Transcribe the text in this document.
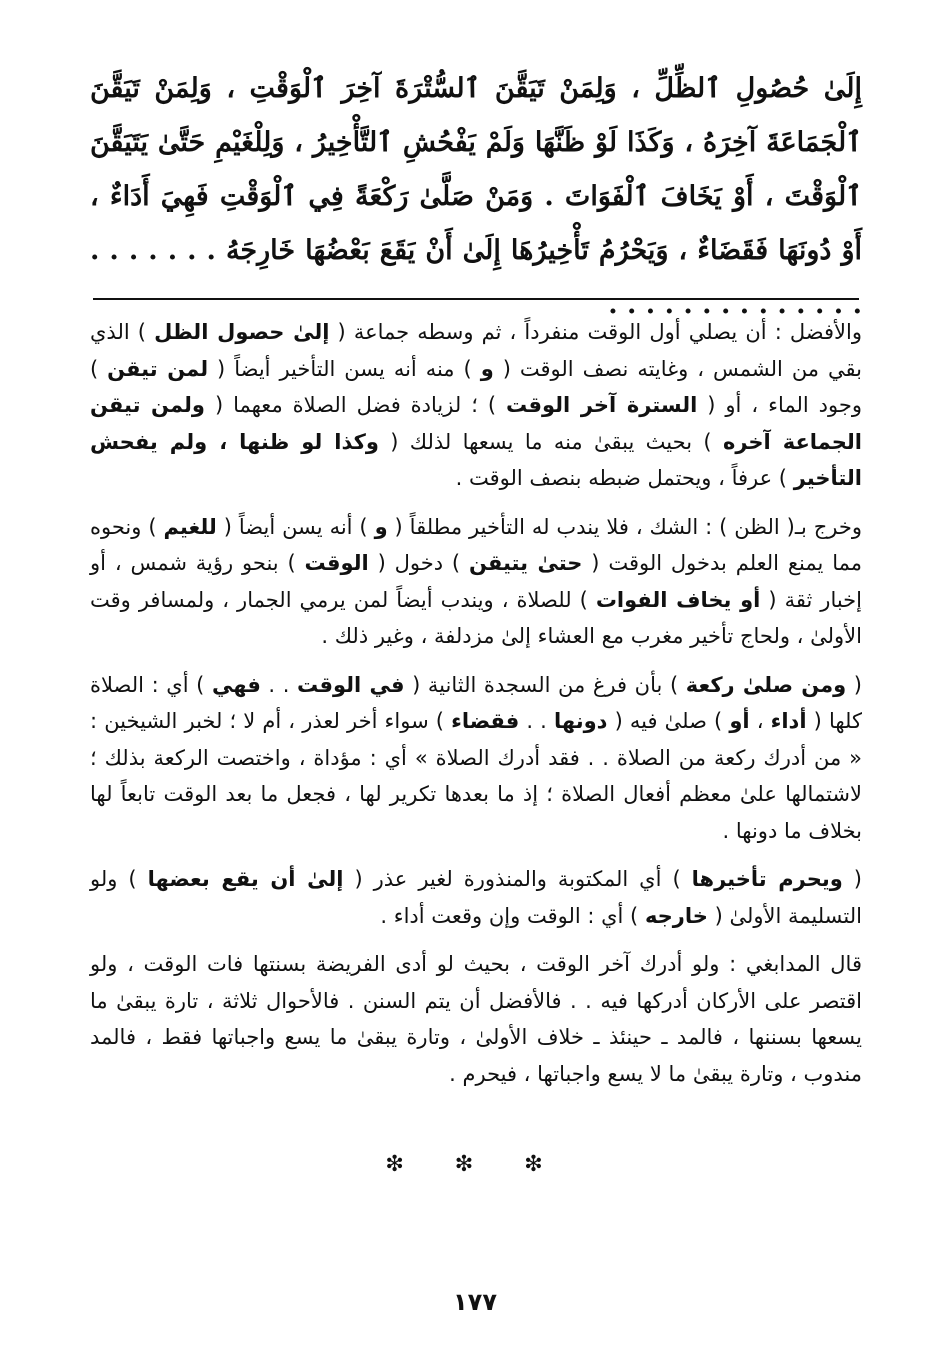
إِلَىٰ حُصُولِ ٱلظِّلِّ ، وَلِمَنْ تَيَقَّنَ ٱلسُّتْرَةَ آخِرَ ٱلْوَقْتِ ، وَلِمَنْ تَيَقَّنَ ٱلْجَمَاعَةَ آخِرَهُ ، وَكَذَا لَوْ ظَنَّهَا وَلَمْ يَفْحُشِ ٱلتَّأْخِيرُ ، وَلِلْغَيْمِ حَتَّىٰ يَتَيَقَّنَ ٱلْوَقْتَ ، أَوْ يَخَافَ ٱلْفَوَاتَ . وَمَنْ صَلَّىٰ رَكْعَةً فِي ٱلْوَقْتِ فَهِيَ أَدَاءٌ ، أَوْ دُونَهَا فَقَضَاءٌ ، وَيَحْرُمُ تَأْخِيرُهَا إِلَىٰ أَنْ يَقَعَ بَعْضُهَا خَارِجَهُ . . . . . . . . . . . . . . . . . . . . .

والأفضل : أن يصلي أول الوقت منفرداً ، ثم وسطه جماعة ( إلىٰ حصول الظل ) الذي بقي من الشمس ، وغايته نصف الوقت ( و ) منه أنه يسن التأخير أيضاً ( لمن تيقن ) وجود الماء ، أو ( السترة آخر الوقت ) ؛ لزيادة فضل الصلاة معهما ( ولمن تيقن الجماعة آخره ) بحيث يبقىٰ منه ما يسعها لذلك ( وكذا لو ظنها ، ولم يفحش التأخير ) عرفاً ، ويحتمل ضبطه بنصف الوقت .

وخرج بـ( الظن ) : الشك ، فلا يندب له التأخير مطلقاً ( و ) أنه يسن أيضاً ( للغيم ) ونحوه مما يمنع العلم بدخول الوقت ( حتىٰ يتيقن ) دخول ( الوقت ) بنحو رؤية شمس ، أو إخبار ثقة ( أو يخاف الفوات ) للصلاة ، ويندب أيضاً لمن يرمي الجمار ، ولمسافر وقت الأولىٰ ، ولحاج تأخير مغرب مع العشاء إلىٰ مزدلفة ، وغير ذلك .

( ومن صلىٰ ركعة ) بأن فرغ من السجدة الثانية ( في الوقت . . فهي ) أي : الصلاة كلها ( أداء ، أو ) صلىٰ فيه ( دونها . . فقضاء ) سواء أخر لعذر ، أم لا ؛ لخبر الشيخين : « من أدرك ركعة من الصلاة . . فقد أدرك الصلاة » أي : مؤداة ، واختصت الركعة بذلك ؛ لاشتمالها علىٰ معظم أفعال الصلاة ؛ إذ ما بعدها تكرير لها ، فجعل ما بعد الوقت تابعاً لها بخلاف ما دونها .

( ويحرم تأخيرها ) أي المكتوبة والمنذورة لغير عذر ( إلىٰ أن يقع بعضها ) ولو التسليمة الأولىٰ ( خارجه ) أي : الوقت وإن وقعت أداء .

قال المدابغي : ولو أدرك آخر الوقت ، بحيث لو أدى الفريضة بسنتها فات الوقت ، ولو اقتصر على الأركان أدركها فيه . . فالأفضل أن يتم السنن . فالأحوال ثلاثة ، تارة يبقىٰ ما يسعها بسننها ، فالمد ـ حينئذ ـ خلاف الأولىٰ ، وتارة يبقىٰ ما يسع واجباتها فقط ، فالمد مندوب ، وتارة يبقىٰ ما لا يسع واجباتها ، فيحرم .

❇ ❇ ❇
١٧٧
